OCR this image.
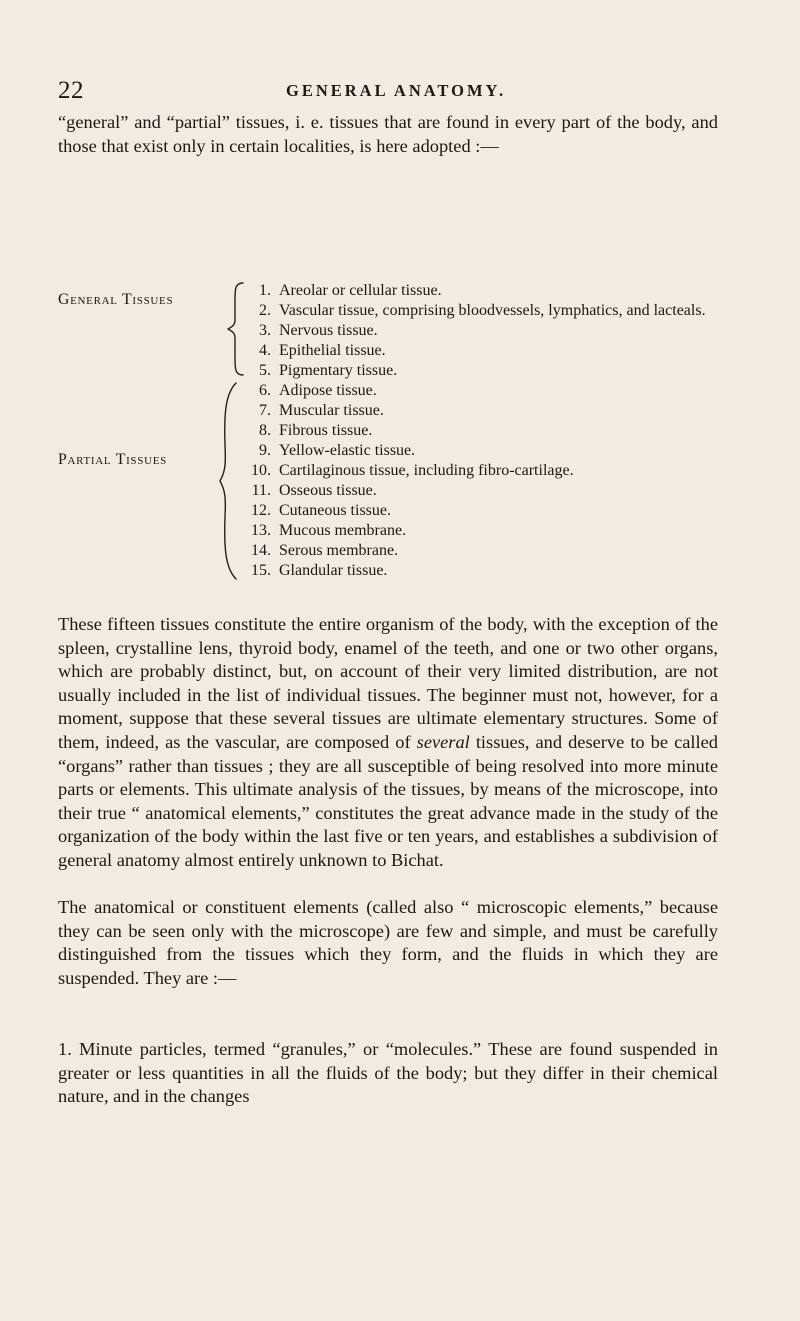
22	GENERAL ANATOMY.

“general” and “partial” tissues, i. e. tissues that are found in every part of the body, and those that exist only in certain localities, is here adopted :—

General Tissues
Partial Tissues
1. Areolar or cellular tissue.
2. Vascular tissue, comprising bloodvessels, lymphatics, and lacteals.
3. Nervous tissue.
4. Epithelial tissue.
5. Pigmentary tissue.
6. Adipose tissue.
7. Muscular tissue.
8. Fibrous tissue.
9. Yellow-elastic tissue.
10. Cartilaginous tissue, including fibro-cartilage.
11. Osseous tissue.
12. Cutaneous tissue.
13. Mucous membrane.
14. Serous membrane.
15. Glandular tissue.

These fifteen tissues constitute the entire organism of the body, with the exception of the spleen, crystalline lens, thyroid body, enamel of the teeth, and one or two other organs, which are probably distinct, but, on account of their very limited distribution, are not usually included in the list of individual tissues. The beginner must not, however, for a moment, suppose that these several tissues are ultimate elementary structures. Some of them, indeed, as the vascular, are composed of several tissues, and deserve to be called “organs” rather than tissues ; they are all susceptible of being resolved into more minute parts or elements. This ultimate analysis of the tissues, by means of the microscope, into their true “ anatomical elements,” constitutes the great advance made in the study of the organization of the body within the last five or ten years, and establishes a subdivision of general anatomy almost entirely unknown to Bichat.

The anatomical or constituent elements (called also “ microscopic elements,” because they can be seen only with the microscope) are few and simple, and must be carefully distinguished from the tissues which they form, and the fluids in which they are suspended. They are :—

1. Minute particles, termed “granules,” or “molecules.” These are found suspended in greater or less quantities in all the fluids of the body; but they differ in their chemical nature, and in the changes
